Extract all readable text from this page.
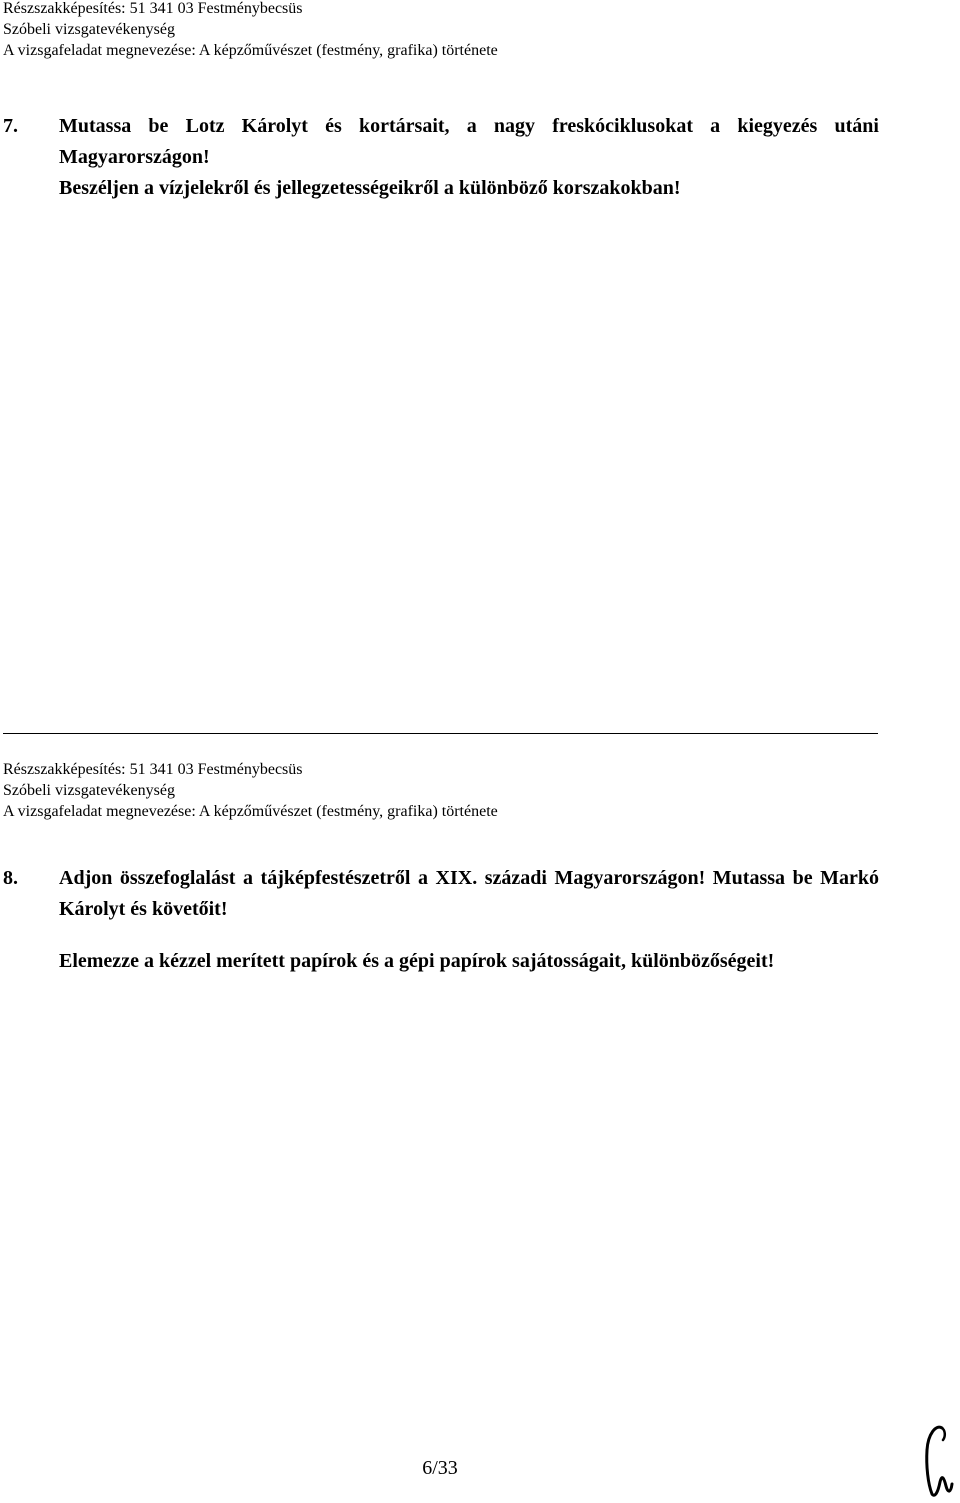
Részszakképesítés: 51 341 03 Festménybecsüs
Szóbeli vizsgatevékenység
A vizsgafeladat megnevezése: A képzőművészet (festmény, grafika) története
7.	Mutassa be Lotz Károlyt és kortársait, a nagy freskóciklusokat a kiegyezés utáni Magyarországon!

Beszéljen a vízjelekről és jellegzetességeikről a különböző korszakokban!

Részszakképesítés: 51 341 03 Festménybecsüs
Szóbeli vizsgatevékenység
A vizsgafeladat megnevezése: A képzőművészet (festmény, grafika) története
8.	Adjon összefoglalást a tájképfestészetről a XIX. századi Magyarországon! Mutassa be Markó Károlyt és követőit!

Elemezze a kézzel merített papírok és a gépi papírok sajátosságait, különbözőségeit!

6/33
